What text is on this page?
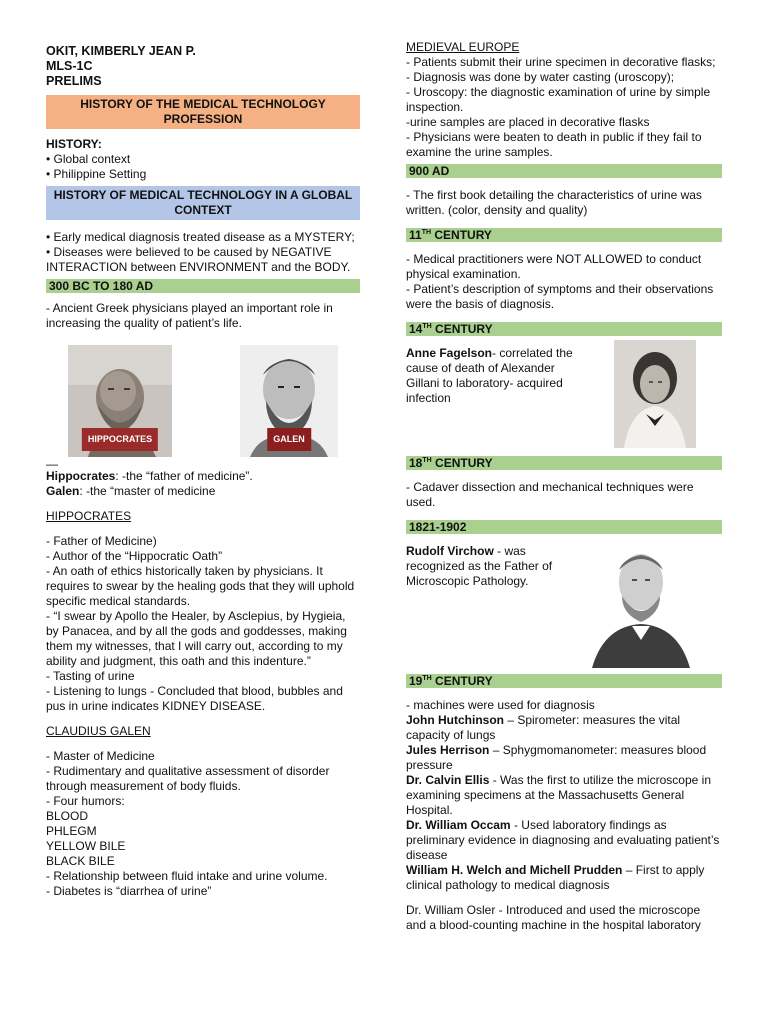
OKIT, KIMBERLY JEAN P.

MLS-1C

PRELIMS

HISTORY OF THE MEDICAL TECHNOLOGY PROFESSION

HISTORY:

• Global context

• Philippine Setting

HISTORY OF MEDICAL TECHNOLOGY IN A GLOBAL CONTEXT

• Early medical diagnosis treated disease as a MYSTERY;

• Diseases were believed to be caused by NEGATIVE INTERACTION between ENVIRONMENT and the BODY.

300 BC TO 180 AD

- Ancient Greek physicians played an important role in increasing the quality of patient’s life.

HIPPOCRATES	GALEN

—

Hippocrates: -the “father of medicine”.

Galen: -the “master of medicine

HIPPOCRATES

- Father of Medicine)

- Author of the “Hippocratic Oath”

- An oath of ethics historically taken by physicians. It requires to swear by the healing gods that they will uphold specific medical standards.

- “I swear by Apollo the Healer, by Asclepius, by Hygieia, by Panacea, and by all the gods and goddesses, making them my witnesses, that I will carry out, according to my ability and judgment, this oath and this indenture.”

- Tasting of urine

- Listening to lungs - Concluded that blood, bubbles and pus in urine indicates KIDNEY DISEASE.

CLAUDIUS GALEN

- Master of Medicine

- Rudimentary and qualitative assessment of disorder through measurement of body fluids.

- Four humors:

BLOOD

PHLEGM

YELLOW BILE

BLACK BILE

- Relationship between fluid intake and urine volume.

- Diabetes is “diarrhea of urine”

MEDIEVAL EUROPE

- Patients submit their urine specimen in decorative flasks;

- Diagnosis was done by water casting (uroscopy);

- Uroscopy: the diagnostic examination of urine by simple inspection.

-urine samples are placed in decorative flasks

- Physicians were beaten to death in public if they fail to examine the urine samples.

900 AD

- The first book detailing the characteristics of urine was written. (color, density and quality)

11TH CENTURY

- Medical practitioners were NOT ALLOWED to conduct physical examination.

- Patient’s description of symptoms and their observations were the basis of diagnosis.

14TH CENTURY

Anne Fagelson- correlated the cause of death of Alexander Gillani to laboratory- acquired infection

18TH CENTURY

- Cadaver dissection and mechanical techniques were used.

1821-1902

Rudolf Virchow - was recognized as the Father of Microscopic Pathology.

19TH CENTURY

- machines were used for diagnosis

John Hutchinson – Spirometer: measures the vital capacity of lungs

Jules Herrison – Sphygmomanometer: measures blood pressure

Dr. Calvin Ellis - Was the first to utilize the microscope in examining specimens at the Massachusetts General Hospital.

Dr. William Occam - Used laboratory findings as preliminary evidence in diagnosing and evaluating patient’s disease

William H. Welch and Michell Prudden – First to apply clinical pathology to medical diagnosis

Dr. William Osler - Introduced and used the microscope and a blood-counting machine in the hospital laboratory
